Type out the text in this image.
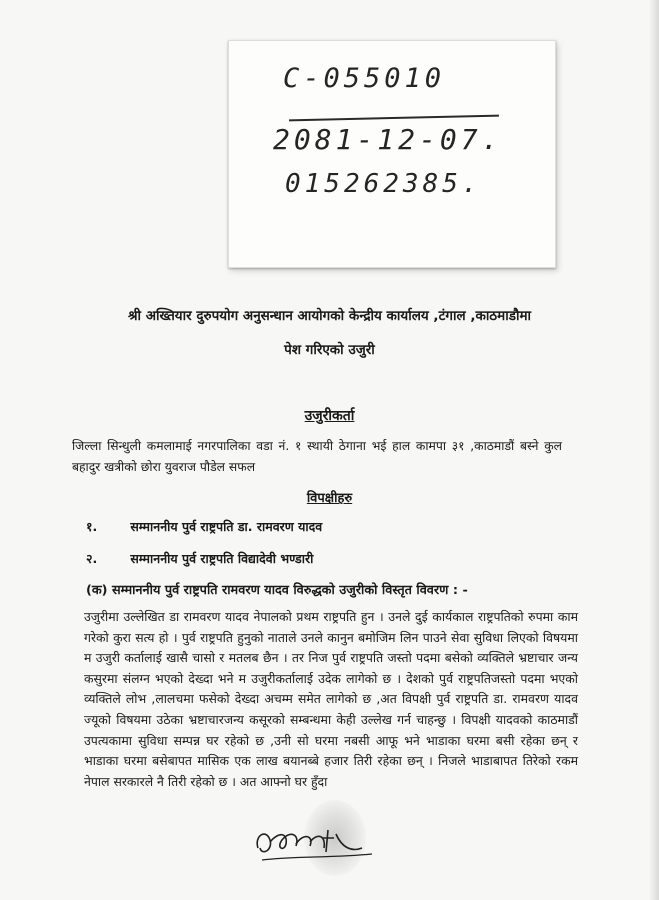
C-055010
2081-12-07.
015262385.
श्री अख्तियार दुरुपयोग अनुसन्धान आयोगको केन्द्रीय कार्यालय ,टंगाल ,काठमाडौमा
पेश गरिएको उजुरी
उजुरीकर्ता
जिल्ला सिन्धुली कमलामाई नगरपालिका वडा नं. १ स्थायी ठेगाना भई हाल कामपा ३१ ,काठमाडौं बस्ने कुल बहादुर खत्रीको छोरा युवराज पौडेल सफल
विपक्षीहरु
१.	सम्माननीय पुर्व राष्ट्रपति डा. रामवरण यादव
२.	सम्माननीय पुर्व राष्ट्रपति विद्यादेवी भण्डारी
(क) सम्माननीय पुर्व राष्ट्रपति रामवरण यादव विरुद्धको उजुरीको विस्तृत विवरण : -
उजुरीमा उल्लेखित डा रामवरण यादव नेपालको प्रथम राष्ट्रपति हुन । उनले दुई कार्यकाल राष्ट्रपतिको रुपमा काम गरेको कुरा सत्य हो । पुर्व राष्ट्रपति हुनुको नाताले उनले कानुन बमोजिम लिन पाउने सेवा सुविधा लिएको विषयमा म उजुरी कर्तालाई खासै चासो र मतलब छैन । तर निज पुर्व राष्ट्रपति जस्तो पदमा बसेको व्यक्तिले भ्रष्टाचार जन्य कसुरमा संलग्न भएको देख्दा भने म उजुरीकर्तालाई उदेक लागेको छ । देशको पुर्व राष्ट्रपतिजस्तो पदमा भएको व्यक्तिले लोभ ,लालचमा फसेको देख्दा अचम्म समेत लागेको छ ,अत विपक्षी पुर्व राष्ट्रपति डा. रामवरण यादव ज्यूको विषयमा उठेका भ्रष्टाचारजन्य कसूरको सम्बन्धमा केही उल्लेख गर्न चाहन्छु । विपक्षी यादवको काठमाडौं उपत्यकामा सुविधा सम्पन्न घर रहेको छ ,उनी सो घरमा नबसी आफू भने भाडाका घरमा बसी रहेका छन् र भाडाका घरमा बसेबापत मासिक एक लाख बयानब्बे हजार तिरी रहेका छन् । निजले भाडाबापत तिरेको रकम नेपाल सरकारले नै तिरी रहेको छ । अत आफ्नो घर हुँदा
